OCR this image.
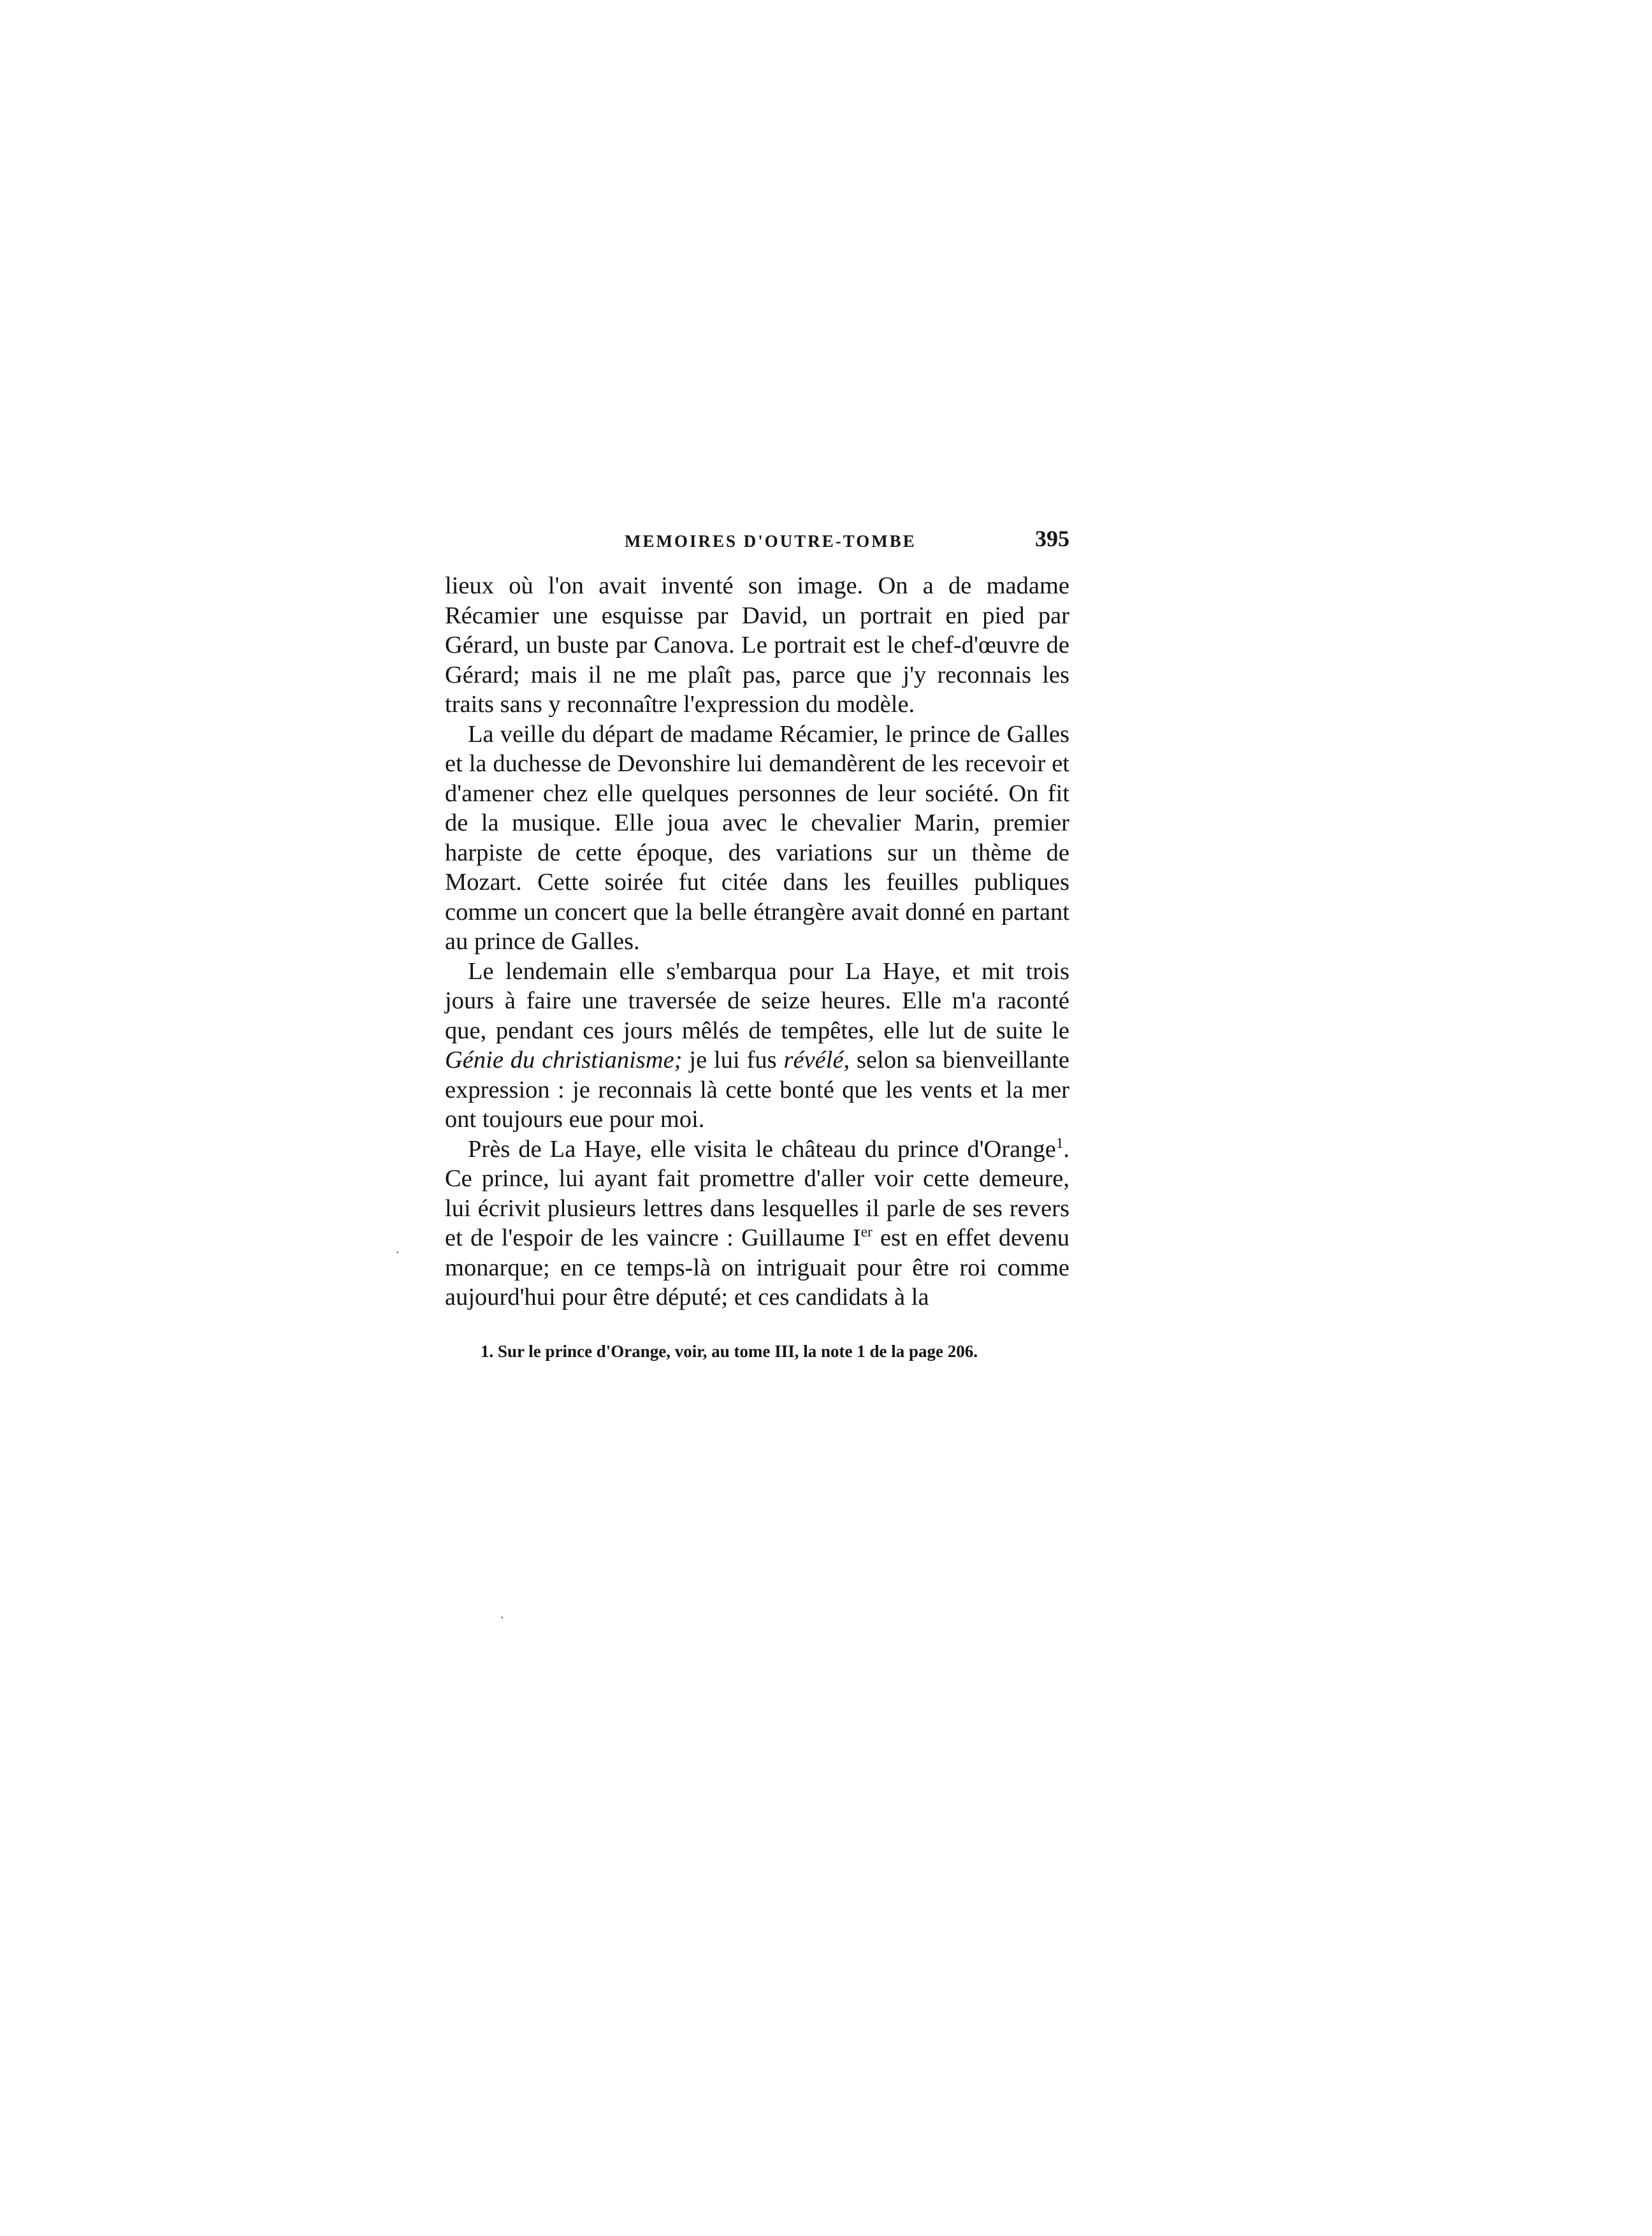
MEMOIRES D'OUTRE-TOMBE	395

lieux où l'on avait inventé son image. On a de madame Récamier une esquisse par David, un portrait en pied par Gérard, un buste par Canova. Le portrait est le chef-d'œuvre de Gérard; mais il ne me plaît pas, parce que j'y reconnais les traits sans y reconnaître l'expression du modèle.

La veille du départ de madame Récamier, le prince de Galles et la duchesse de Devonshire lui demandèrent de les recevoir et d'amener chez elle quelques personnes de leur société. On fit de la musique. Elle joua avec le chevalier Marin, premier harpiste de cette époque, des variations sur un thème de Mozart. Cette soirée fut citée dans les feuilles publiques comme un concert que la belle étrangère avait donné en partant au prince de Galles.

Le lendemain elle s'embarqua pour La Haye, et mit trois jours à faire une traversée de seize heures. Elle m'a raconté que, pendant ces jours mêlés de tempêtes, elle lut de suite le Génie du christianisme; je lui fus révélé, selon sa bienveillante expression : je reconnais là cette bonté que les vents et la mer ont toujours eue pour moi.

Près de La Haye, elle visita le château du prince d'Orange$^1$. Ce prince, lui ayant fait promettre d'aller voir cette demeure, lui écrivit plusieurs lettres dans lesquelles il parle de ses revers et de l'espoir de les vaincre : Guillaume Ier est en effet devenu monarque; en ce temps-là on intriguait pour être roi comme aujourd'hui pour être député; et ces candidats à la

1. Sur le prince d'Orange, voir, au tome III, la note 1 de la page 206.
·
·
